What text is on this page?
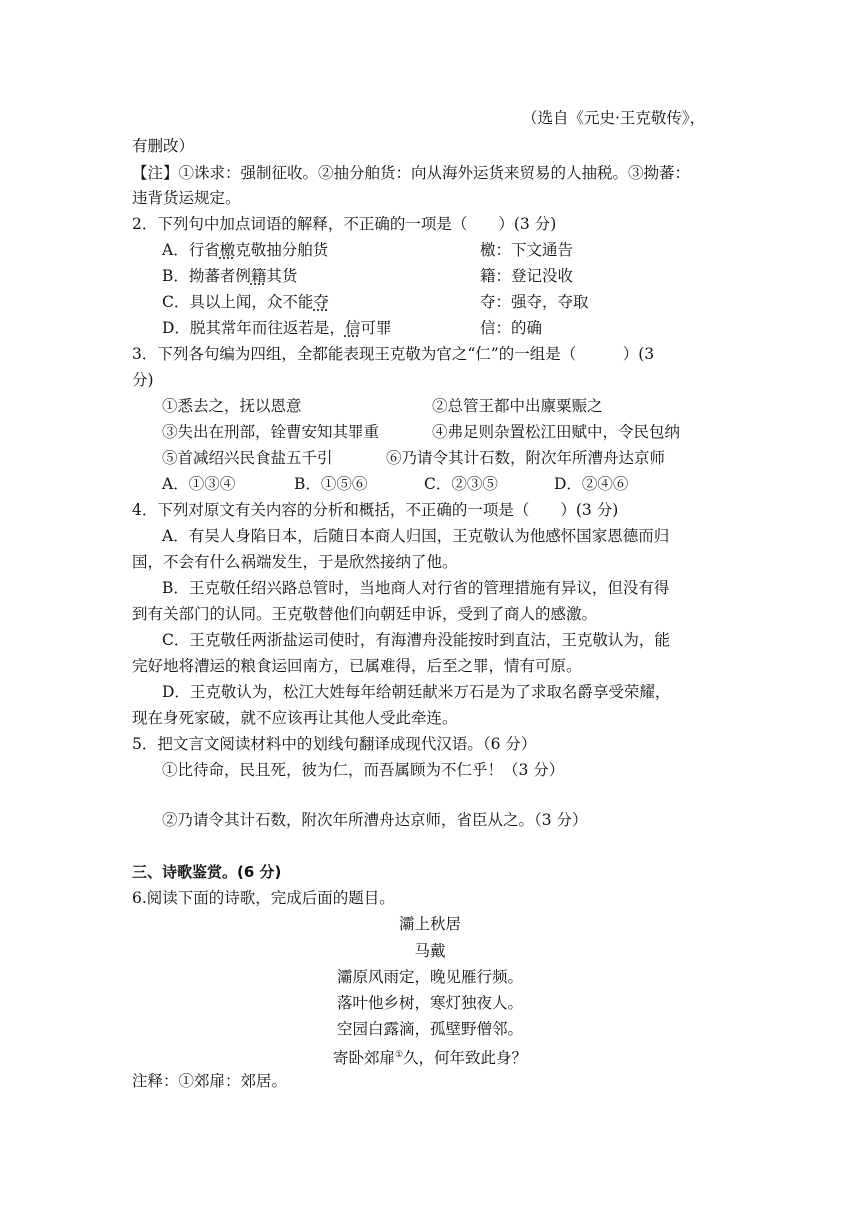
（选自《元史·王克敬传》，
有删改）
【注】①诛求：强制征收。②抽分舶货：向从海外运货来贸易的人抽税。③拗蕃：
违背货运规定。
2．下列句中加点词语的解释，不正确的一项是（　　）(3 分)
A．行省檄克敬抽分舶货	檄：下文通告
B．拗蕃者例籍其货	籍：登记没收
C．具以上闻，众不能夺	夺：强夺，夺取
D．脱其常年而往返若是，信可罪	信：的确
3．下列各句编为四组，全都能表现王克敬为官之“仁”的一组是（　　　）(3
分)
①悉去之，抚以恩意	②总管王都中出廪粟赈之
③失出在刑部，铨曹安知其罪重	④弗足则杂置松江田赋中，令民包纳
⑤首减绍兴民食盐五千引	⑥乃请令其计石数，附次年所漕舟达京师
A．①③④	B．①⑤⑥	C．②③⑤	D．②④⑥
4．下列对原文有关内容的分析和概括，不正确的一项是（　　）(3 分)
A．有吴人身陷日本，后随日本商人归国，王克敬认为他感怀国家恩德而归
国，不会有什么祸端发生，于是欣然接纳了他。
B．王克敬任绍兴路总管时，当地商人对行省的管理措施有异议，但没有得
到有关部门的认同。王克敬替他们向朝廷申诉，受到了商人的感激。
C．王克敬任两浙盐运司使时，有海漕舟没能按时到直沽，王克敬认为，能
完好地将漕运的粮食运回南方，已属难得，后至之罪，情有可原。
D．王克敬认为，松江大姓每年给朝廷献米万石是为了求取名爵享受荣耀，
现在身死家破，就不应该再让其他人受此牵连。
5．把文言文阅读材料中的划线句翻译成现代汉语。（6 分）
①比待命，民且死，彼为仁，而吾属顾为不仁乎！（3 分）
②乃请令其计石数，附次年所漕舟达京师，省臣从之。（3 分）
三、诗歌鉴赏。(6 分)
6.阅读下面的诗歌，完成后面的题目。
灞上秋居
马戴
灞原风雨定，晚见雁行频。
落叶他乡树，寒灯独夜人。
空园白露滴，孤壁野僧邻。
寄卧郊扉①久，何年致此身？
注释：①郊扉：郊居。
